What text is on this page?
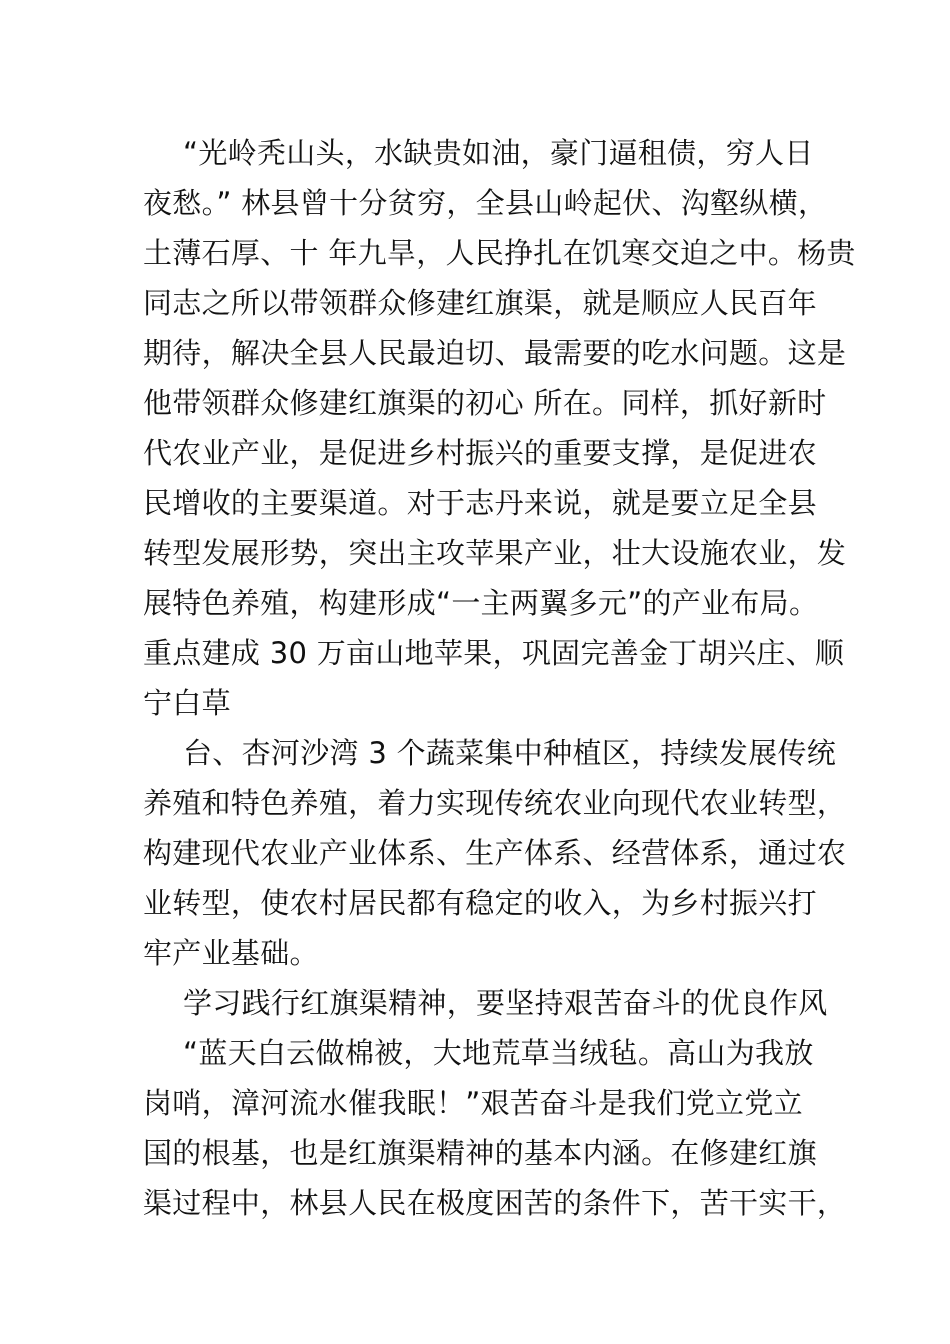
“光岭秃山头，水缺贵如油，豪门逼租债，穷人日
夜愁。” 林县曾十分贫穷，全县山岭起伏、沟壑纵横，
土薄石厚、十 年九旱，人民挣扎在饥寒交迫之中。杨贵
同志之所以带领群众修建红旗渠，就是顺应人民百年
期待，解决全县人民最迫切、最需要的吃水问题。这是
他带领群众修建红旗渠的初心 所在。同样，抓好新时
代农业产业，是促进乡村振兴的重要支撑，是促进农
民增收的主要渠道。对于志丹来说，就是要立足全县
转型发展形势，突出主攻苹果产业，壮大设施农业，发
展特色养殖，构建形成“一主两翼多元”的产业布局。
重点建成 30 万亩山地苹果，巩固完善金丁胡兴庄、顺
宁白草
台、杏河沙湾 3 个蔬菜集中种植区，持续发展传统
养殖和特色养殖，着力实现传统农业向现代农业转型，
构建现代农业产业体系、生产体系、经营体系，通过农
业转型，使农村居民都有稳定的收入，为乡村振兴打
牢产业基础。
学习践行红旗渠精神，要坚持艰苦奋斗的优良作风
“蓝天白云做棉被，大地荒草当绒毡。高山为我放
岗哨，漳河流水催我眠！”艰苦奋斗是我们党立党立
国的根基，也是红旗渠精神的基本内涵。在修建红旗
渠过程中，林县人民在极度困苦的条件下，苦干实干，
